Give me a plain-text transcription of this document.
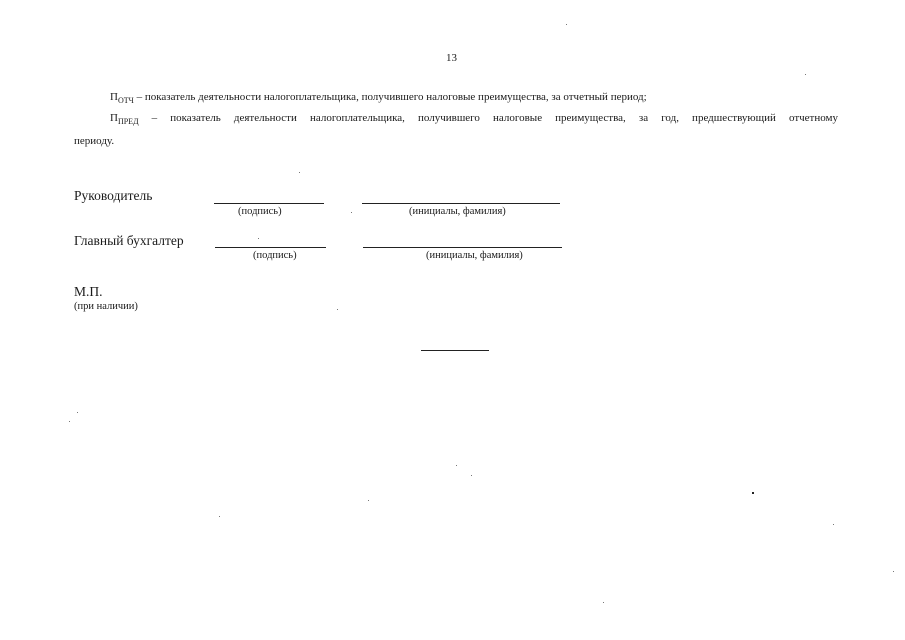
13
$П_{ОТЧ}$ – показатель деятельности налогоплательщика, получившего налоговые преимущества, за отчетный период;
$П_{ПРЕД}$ – показатель деятельности налогоплательщика, получившего налоговые преимущества, за год, предшествующий отчетному
периоду.
Руководитель
(подпись)	(инициалы, фамилия)
Главный бухгалтер
(подпись)	(инициалы, фамилия)
М.П.
(при наличии)
